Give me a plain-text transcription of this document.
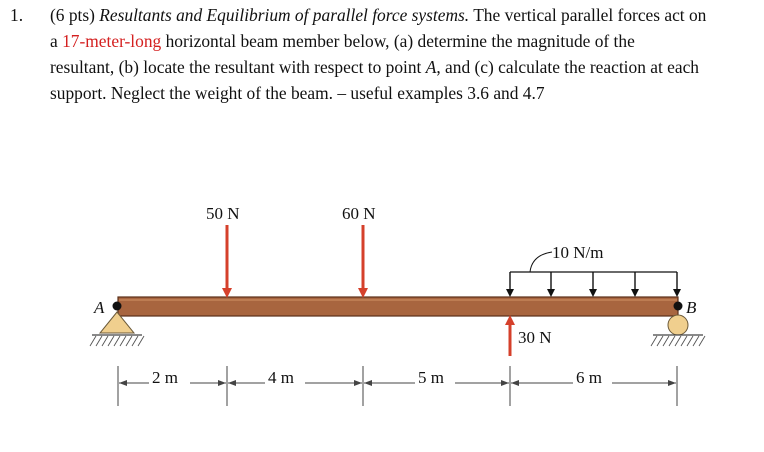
1. (6 pts) Resultants and Equilibrium of parallel force systems. The vertical parallel forces act on
a 17-meter-long horizontal beam member below, (a) determine the magnitude of the
resultant, (b) locate the resultant with respect to point A, and (c) calculate the reaction at each
support. Neglect the weight of the beam. – useful examples 3.6 and 4.7
A	B
50 N	60 N
10 N/m
30 N
2 m	4 m	5 m	6 m
